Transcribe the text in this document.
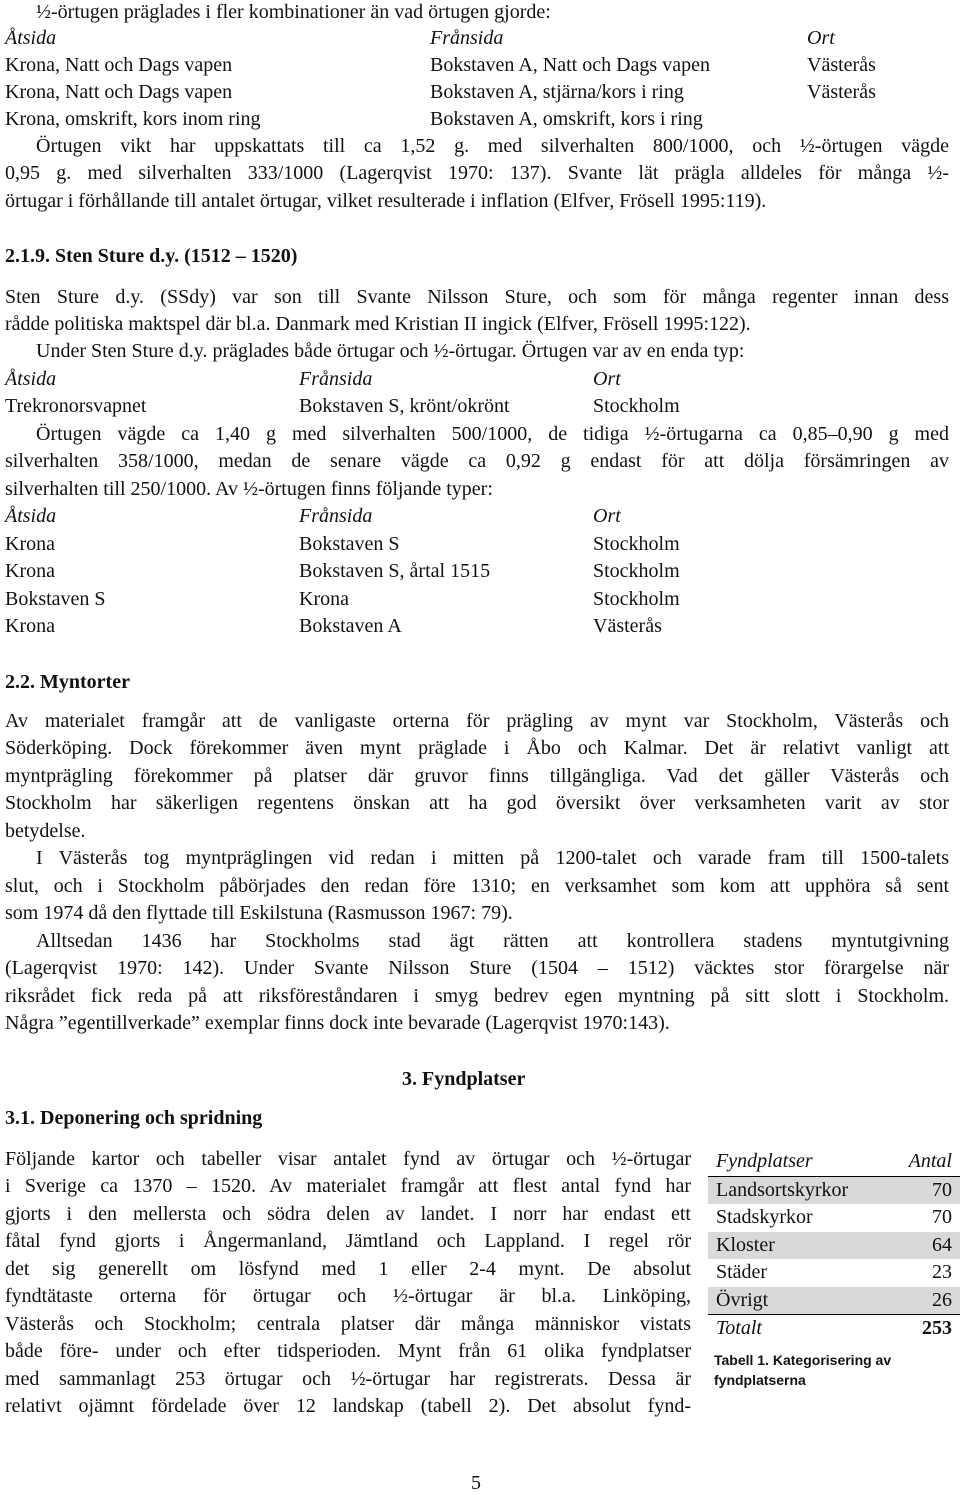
½-örtugen präglades i fler kombinationer än vad örtugen gjorde:
Åtsida	Frånsida	Ort
Krona, Natt och Dags vapen	Bokstaven A, Natt och Dags vapen	Västerås
Krona, Natt och Dags vapen	Bokstaven A, stjärna/kors i ring	Västerås
Krona, omskrift, kors inom ring	Bokstaven A, omskrift, kors i ring
Örtugen vikt har uppskattats till ca 1,52 g. med silverhalten 800/1000, och ½-örtugen vägde
0,95 g. med silverhalten 333/1000 (Lagerqvist 1970: 137). Svante lät prägla alldeles för många ½-
örtugar i förhållande till antalet örtugar, vilket resulterade i inflation (Elfver, Frösell 1995:119).
2.1.9. Sten Sture d.y. (1512 – 1520)
Sten Sture d.y. (SSdy) var son till Svante Nilsson Sture, och som för många regenter innan dess
rådde politiska maktspel där bl.a. Danmark med Kristian II ingick (Elfver, Frösell 1995:122).
Under Sten Sture d.y. präglades både örtugar och ½-örtugar. Örtugen var av en enda typ:
Åtsida	Frånsida	Ort
Trekronorsvapnet	Bokstaven S, krönt/okrönt	Stockholm
Örtugen vägde ca 1,40 g med silverhalten 500/1000, de tidiga ½-örtugarna ca 0,85–0,90 g med
silverhalten 358/1000, medan de senare vägde ca 0,92 g endast för att dölja försämringen av
silverhalten till 250/1000. Av ½-örtugen finns följande typer:
Åtsida	Frånsida	Ort
Krona	Bokstaven S	Stockholm
Krona	Bokstaven S, årtal 1515	Stockholm
Bokstaven S	Krona	Stockholm
Krona	Bokstaven A	Västerås
2.2. Myntorter
Av materialet framgår att de vanligaste orterna för prägling av mynt var Stockholm, Västerås och
Söderköping. Dock förekommer även mynt präglade i Åbo och Kalmar. Det är relativt vanligt att
myntprägling förekommer på platser där gruvor finns tillgängliga. Vad det gäller Västerås och
Stockholm har säkerligen regentens önskan att ha god översikt över verksamheten varit av stor
betydelse.
I Västerås tog myntpräglingen vid redan i mitten på 1200-talet och varade fram till 1500-talets
slut, och i Stockholm påbörjades den redan före 1310; en verksamhet som kom att upphöra så sent
som 1974 då den flyttade till Eskilstuna (Rasmusson 1967: 79).
Alltsedan 1436 har Stockholms stad ägt rätten att kontrollera stadens myntutgivning
(Lagerqvist 1970: 142). Under Svante Nilsson Sture (1504 – 1512) väcktes stor förargelse när
riksrådet fick reda på att riksföreståndaren i smyg bedrev egen myntning på sitt slott i Stockholm.
Några ”egentillverkade” exemplar finns dock inte bevarade (Lagerqvist 1970:143).
3. Fyndplatser
3.1. Deponering och spridning
Följande kartor och tabeller visar antalet fynd av örtugar och ½-örtugar
i Sverige ca 1370 – 1520. Av materialet framgår att flest antal fynd har
gjorts i den mellersta och södra delen av landet. I norr har endast ett
fåtal fynd gjorts i Ångermanland, Jämtland och Lappland. I regel rör
det sig generellt om lösfynd med 1 eller 2-4 mynt. De absolut
fyndtätaste orterna för örtugar och ½-örtugar är bl.a. Linköping,
Västerås och Stockholm; centrala platser där många människor vistats
både före- under och efter tidsperioden. Mynt från 61 olika fyndplatser
med sammanlagt 253 örtugar och ½-örtugar har registrerats. Dessa är
relativt ojämnt fördelade över 12 landskap (tabell 2). Det absolut fynd-
Fyndplatser	Antal
Landsortskyrkor	70
Stadskyrkor	70
Kloster	64
Städer	23
Övrigt	26
Totalt	253
Tabell 1. Kategorisering av fyndplatserna
5
